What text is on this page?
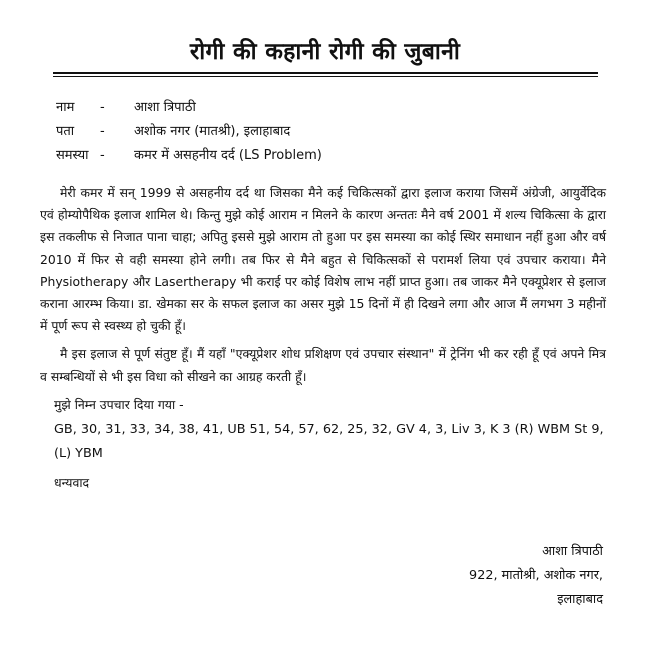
रोगी की कहानी रोगी की जुबानी
नाम - आशा त्रिपाठी
पता - अशोक नगर (मातश्री), इलाहाबाद
समस्या - कमर में असहनीय दर्द (LS Problem)

मेरी कमर में सन् 1999 से असहनीय दर्द था जिसका मैने कई चिकित्सकों द्वारा इलाज कराया जिसमें अंग्रेजी, आयुर्वेदिक एवं होम्योपैथिक इलाज शामिल थे। किन्तु मुझे कोई आराम न मिलने के कारण अन्ततः मैने वर्ष 2001 में शल्य चिकित्सा के द्वारा इस तकलीफ से निजात पाना चाहा; अपितु इससे मुझे आराम तो हुआ पर इस समस्या का कोई स्थिर समाधान नहीं हुआ और वर्ष 2010 में फिर से वही समस्या होने लगी। तब फिर से मैने बहुत से चिकित्सकों से परामर्श लिया एवं उपचार कराया। मैने Physiotherapy और Lasertherapy भी कराई पर कोई विशेष लाभ नहीं प्राप्त हुआ। तब जाकर मैने एक्यूप्रेशर से इलाज कराना आरम्भ किया। डा. खेमका सर के सफल इलाज का असर मुझे 15 दिनों में ही दिखने लगा और आज मैं लगभग 3 महीनों में पूर्ण रूप से स्वस्थ्य हो चुकी हूँ।

मै इस इलाज से पूर्ण संतुष्ट हूँ। मैं यहाँ "एक्यूप्रेशर शोध प्रशिक्षण एवं उपचार संस्थान" में ट्रेनिंग भी कर रही हूँ एवं अपने मित्र व सम्बन्धियों से भी इस विधा को सीखने का आग्रह करती हूँ।

मुझे निम्न उपचार दिया गया -
GB, 30, 31, 33, 34, 38, 41, UB 51, 54, 57, 62, 25, 32, GV 4, 3, Liv 3, K 3 (R) WBM St 9, (L) YBM
धन्यवाद
आशा त्रिपाठी
922, मातोश्री, अशोक नगर,
इलाहाबाद
